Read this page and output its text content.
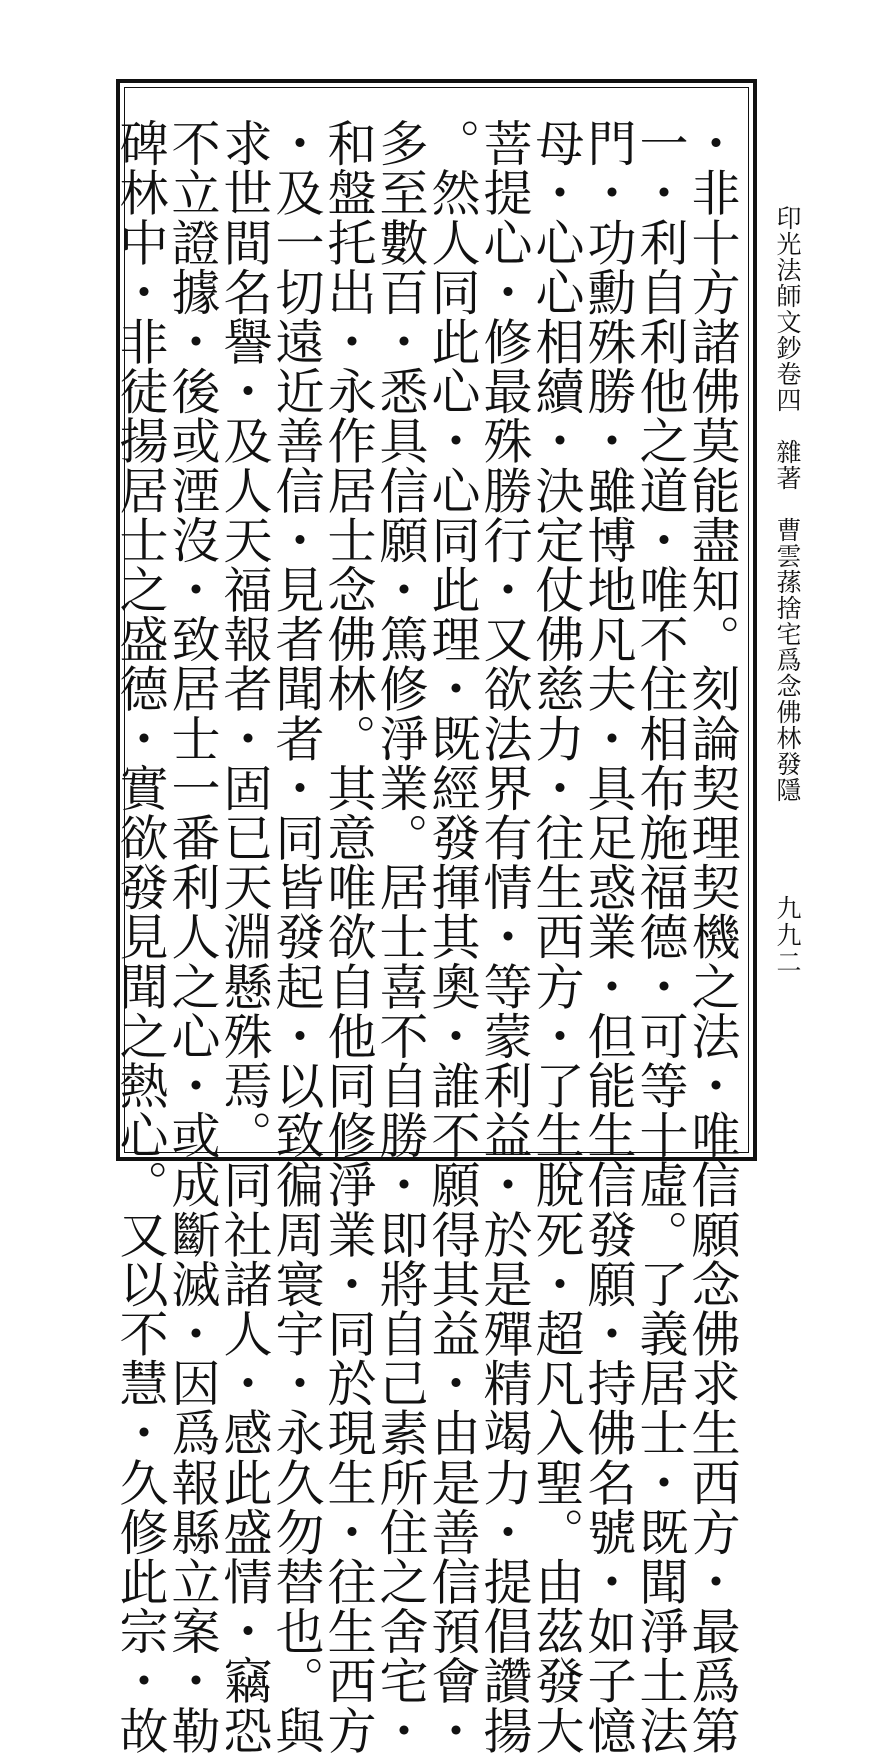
印光法師文鈔卷四　雜著　曹雲蓀捨宅爲念佛林發隱
九九二
・非十方諸佛莫能盡知。刻論契理契機之法・唯信願念佛求生西方・最爲第
一・利自利他之道・唯不住相布施福德・可等十虛。了義居士・既聞淨土法
門・功勳殊勝・雖博地凡夫・具足惑業・但能生信發願・持佛名號・如子憶
母・心心相續・決定仗佛慈力・往生西方・了生脫死・超凡入聖。由茲發大
菩提心・修最殊勝行・又欲法界有情・等蒙利益・於是殫精竭力・提倡讚揚
。然人同此心・心同此理・既經發揮其奧・誰不願得其益・由是善信預會・
多至數百・悉具信願・篤修淨業。居士喜不自勝・即將自己素所住之舍宅・
和盤托出・永作居士念佛林。其意唯欲自他同修淨業・同於現生・往生西方
・及一切遠近善信・見者聞者・同皆發起・以致徧周寰宇・永久勿替也。與
求世間名譽・及人天福報者・固已天淵懸殊焉。同社諸人・感此盛情・竊恐
不立證據・後或湮沒・致居士一番利人之心・或成斷滅・因爲報縣立案・勒
碑林中・非徒揚居士之盛德・實欲發見聞之熱心。又以不慧・久修此宗・故
